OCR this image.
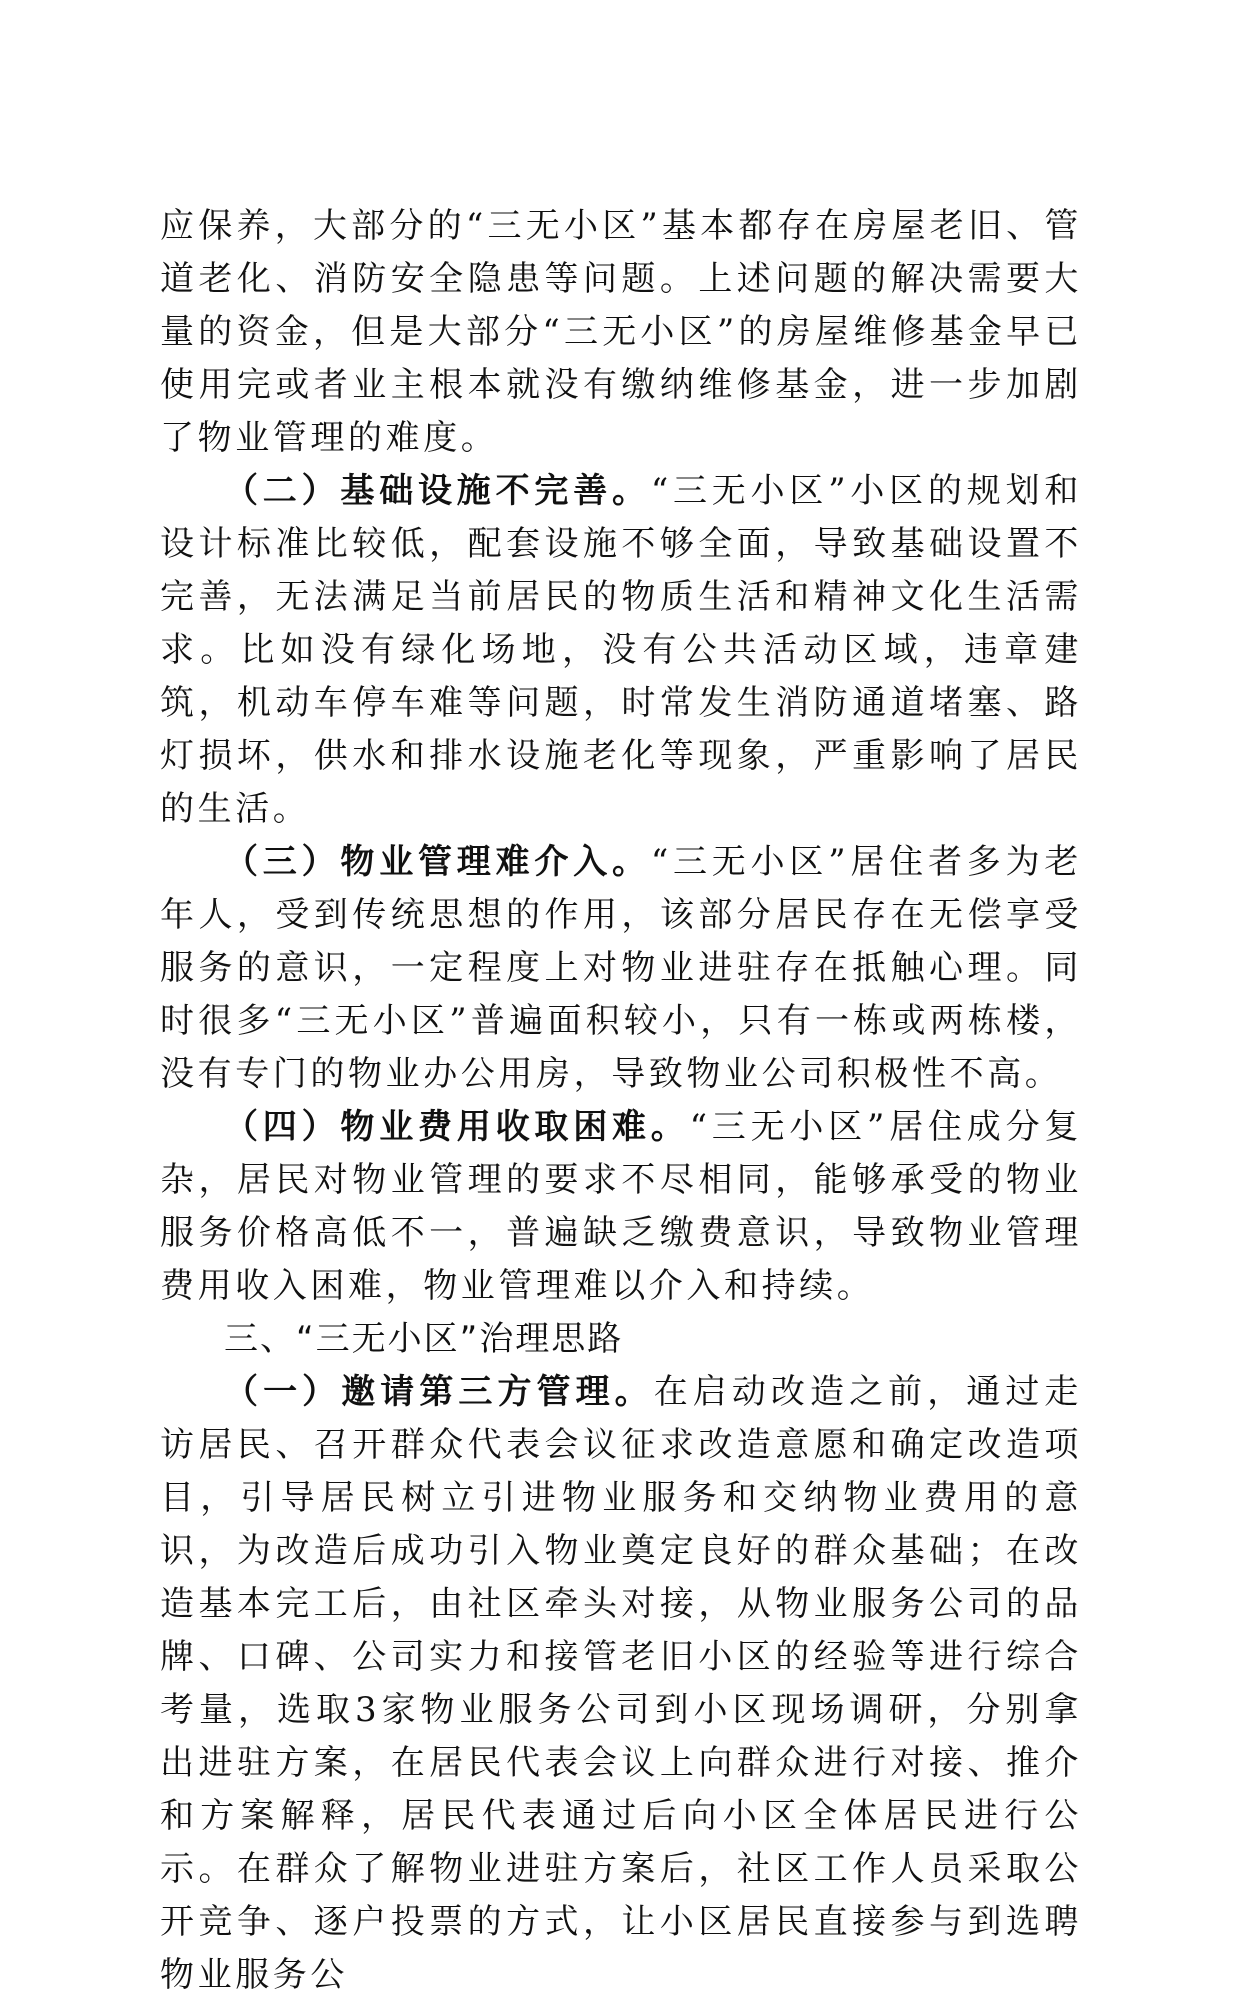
应保养，大部分的“三无小区”基本都存在房屋老旧、管道老化、消防安全隐患等问题。上述问题的解决需要大量的资金，但是大部分“三无小区”的房屋维修基金早已使用完或者业主根本就没有缴纳维修基金，进一步加剧了物业管理的难度。

（二）基础设施不完善。“三无小区”小区的规划和设计标准比较低，配套设施不够全面，导致基础设置不完善，无法满足当前居民的物质生活和精神文化生活需求。比如没有绿化场地，没有公共活动区域，违章建筑，机动车停车难等问题，时常发生消防通道堵塞、路灯损坏，供水和排水设施老化等现象，严重影响了居民的生活。

（三）物业管理难介入。“三无小区”居住者多为老年人，受到传统思想的作用，该部分居民存在无偿享受服务的意识，一定程度上对物业进驻存在抵触心理。同时很多“三无小区”普遍面积较小，只有一栋或两栋楼，没有专门的物业办公用房，导致物业公司积极性不高。

（四）物业费用收取困难。“三无小区”居住成分复杂，居民对物业管理的要求不尽相同，能够承受的物业服务价格高低不一，普遍缺乏缴费意识，导致物业管理费用收入困难，物业管理难以介入和持续。

三、“三无小区”治理思路

（一）邀请第三方管理。在启动改造之前，通过走访居民、召开群众代表会议征求改造意愿和确定改造项目，引导居民树立引进物业服务和交纳物业费用的意识，为改造后成功引入物业奠定良好的群众基础；在改造基本完工后，由社区牵头对接，从物业服务公司的品牌、口碑、公司实力和接管老旧小区的经验等进行综合考量，选取3家物业服务公司到小区现场调研，分别拿出进驻方案，在居民代表会议上向群众进行对接、推介和方案解释，居民代表通过后向小区全体居民进行公示。在群众了解物业进驻方案后，社区工作人员采取公开竞争、逐户投票的方式，让小区居民直接参与到选聘物业服务公
